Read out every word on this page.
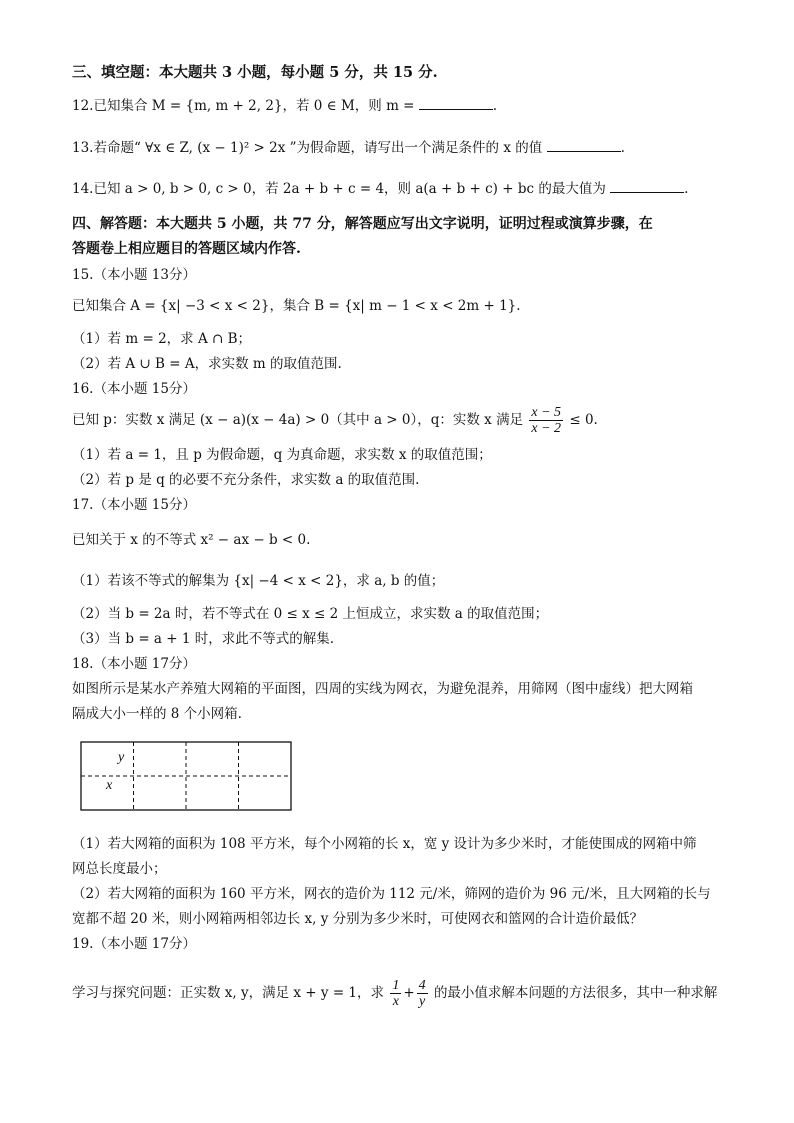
三、填空题：本大题共 3 小题，每小题 5 分，共 15 分.
12.已知集合 M = {m, m + 2, 2}，若 0 ∈ M，则 m =	.
13.若命题“ ∀x ∈ Z, (x − 1)² > 2x ”为假命题，请写出一个满足条件的 x 的值	.
14.已知 a > 0, b > 0, c > 0，若 2a + b + c = 4，则 a(a + b + c) + bc 的最大值为	.
四、解答题：本大题共 5 小题，共 77 分，解答题应写出文字说明，证明过程或演算步骤，在
答题卷上相应题目的答题区域内作答.
15.（本小题 13分）
已知集合 A = {x| −3 < x < 2}，集合 B = {x| m − 1 < x < 2m + 1}.
（1）若 m = 2，求 A ∩ B；
（2）若 A ∪ B = A，求实数 m 的取值范围.
16.（本小题 15分）
已知 p：实数 x 满足 (x − a)(x − 4a) > 0（其中 a > 0），q：实数 x 满足 $\frac{x - 5}{x - 2} \le 0$.
（1）若 a = 1，且 p 为假命题，q 为真命题，求实数 x 的取值范围；
（2）若 p 是 q 的必要不充分条件，求实数 a 的取值范围.
17.（本小题 15分）
已知关于 x 的不等式 x² − ax − b < 0.
（1）若该不等式的解集为 {x| −4 < x < 2}，求 a, b 的值；
（2）当 b = 2a 时，若不等式在 0 ≤ x ≤ 2 上恒成立，求实数 a 的取值范围；
（3）当 b = a + 1 时，求此不等式的解集.
18.（本小题 17分）
如图所示是某水产养殖大网箱的平面图，四周的实线为网衣，为避免混养，用筛网（图中虚线）把大网箱
隔成大小一样的 8 个小网箱.
y
x
（1）若大网箱的面积为 108 平方米，每个小网箱的长 x，宽 y 设计为多少米时，才能使围成的网箱中筛
网总长度最小；
（2）若大网箱的面积为 160 平方米，网衣的造价为 112 元/米，筛网的造价为 96 元/米，且大网箱的长与
宽都不超 20 米，则小网箱两相邻边长 x, y 分别为多少米时，可使网衣和篮网的合计造价最低？
19.（本小题 17分）
学习与探究问题：正实数 x, y，满足 x + y = 1，求 $\frac{1}{x} + \frac{4}{y}$ 的最小值求解本问题的方法很多，其中一种求解
